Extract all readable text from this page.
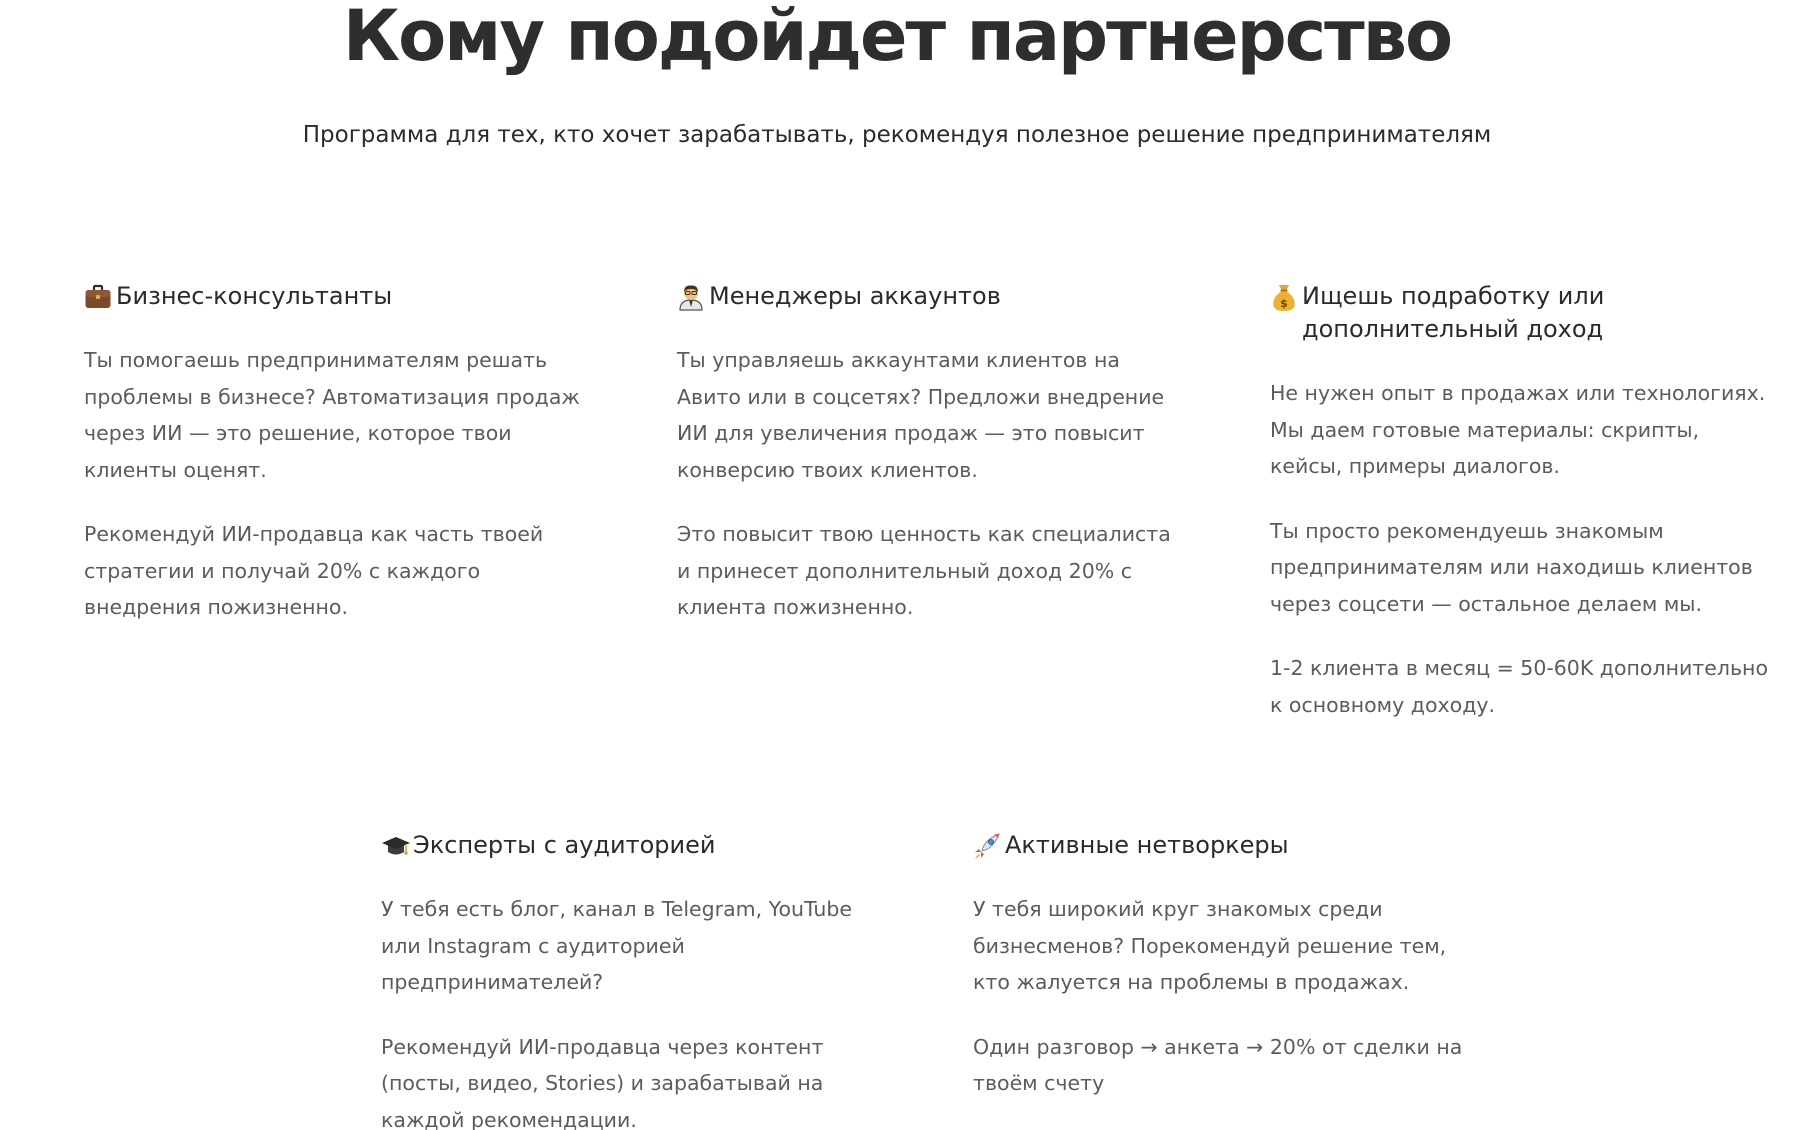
Кому подойдет партнерство

Программа для тех, кто хочет зарабатывать, рекомендуя полезное решение предпринимателям

Бизнес-консультанты

Ты помогаешь предпринимателям решать проблемы в бизнесе? Автоматизация продаж через ИИ — это решение, которое твои клиенты оценят.

Рекомендуй ИИ-продавца как часть твоей стратегии и получай 20% с каждого внедрения пожизненно.

Менеджеры аккаунтов

Ты управляешь аккаунтами клиентов на Авито или в соцсетях? Предложи внедрение ИИ для увеличения продаж — это повысит конверсию твоих клиентов.

Это повысит твою ценность как специалиста и принесет дополнительный доход 20% с клиента пожизненно.

$ Ищешь подработку или дополнительный доход

Не нужен опыт в продажах или технологиях. Мы даем готовые материалы: скрипты, кейсы, примеры диалогов.

Ты просто рекомендуешь знакомым предпринимателям или находишь клиентов через соцсети — остальное делаем мы.

1-2 клиента в месяц = 50-60K дополнительно к основному доходу.

Эксперты с аудиторией

У тебя есть блог, канал в Telegram, YouTube или Instagram с аудиторией предпринимателей?

Рекомендуй ИИ-продавца через контент (посты, видео, Stories) и зарабатывай на каждой рекомендации.

Активные нетворкеры

У тебя широкий круг знакомых среди бизнесменов? Порекомендуй решение тем, кто жалуется на проблемы в продажах.

Один разговор → анкета → 20% от сделки на твоём счету
